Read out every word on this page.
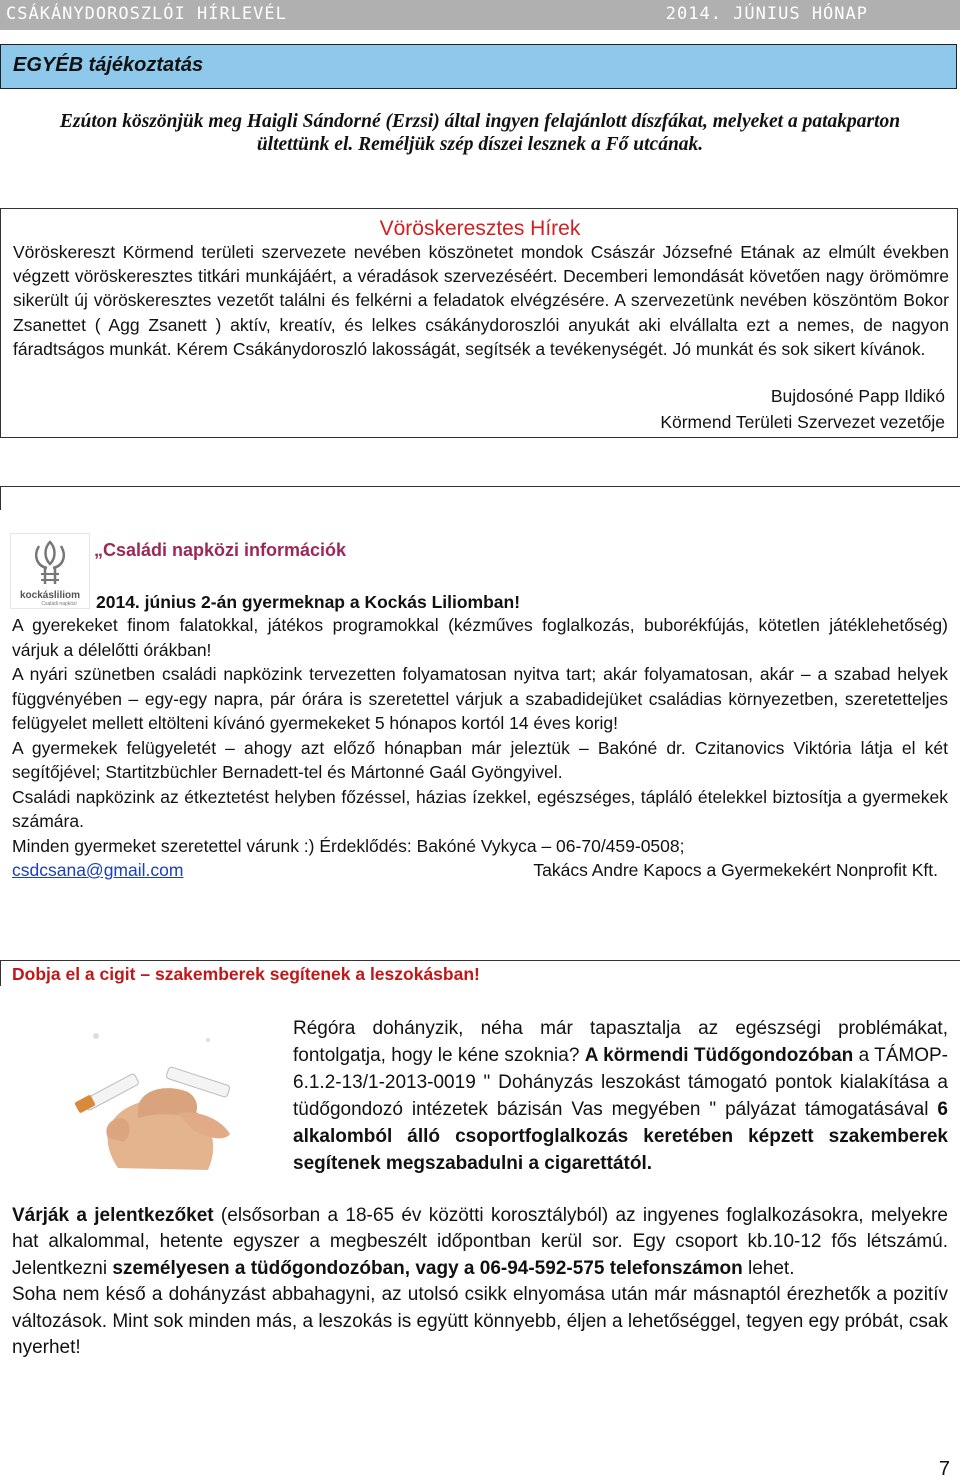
CSÁKÁNYDOROSZLÓI HÍRLEVÉL	2014. JÚNIUS HÓNAP
EGYÉB tájékoztatás
Ezúton köszönjük meg Haigli Sándorné (Erzsi) által ingyen felajánlott díszfákat, melyeket a patakparton ültettünk el. Reméljük szép díszei lesznek a Fő utcának.
Vöröskeresztes Hírek
Vöröskereszt Körmend területi szervezete nevében köszönetet mondok Császár Józsefné Etának az elmúlt években végzett vöröskeresztes titkári munkájáért, a véradások szervezéséért. Decemberi lemondását követően nagy örömömre sikerült új vöröskeresztes vezetőt találni és felkérni a feladatok elvégzésére. A szervezetünk nevében köszöntöm Bokor Zsanettet ( Agg Zsanett ) aktív, kreatív, és lelkes csákánydoroszlói anyukát aki elvállalta ezt a nemes, de nagyon fáradtságos munkát. Kérem Csákánydoroszló lakosságát, segítsék a tevékenységét. Jó munkát és sok sikert kívánok.
Bujdosóné Papp Ildikó
Körmend Területi Szervezet vezetője
kockásliliom
Családi napközi
„Családi napközi információk
2014. június 2-án gyermeknap a Kockás Liliomban!

A gyerekeket finom falatokkal, játékos programokkal (kézműves foglalkozás, buborékfújás, kötetlen játéklehetőség) várjuk a délelőtti órákban!

A nyári szünetben családi napközink tervezetten folyamatosan nyitva tart; akár folyamatosan, akár – a szabad helyek függvényében – egy-egy napra, pár órára is szeretettel várjuk a szabadidejüket családias környezetben, szeretetteljes felügyelet mellett eltölteni kívánó gyermekeket 5 hónapos kortól 14 éves korig!

A gyermekek felügyeletét – ahogy azt előző hónapban már jeleztük – Bakóné dr. Czitanovics Viktória látja el két segítőjével; Startitzbüchler Bernadett-tel és Mártonné Gaál Gyöngyivel.

Családi napközink az étkeztetést helyben főzéssel, házias ízekkel, egészséges, tápláló ételekkel biztosítja a gyermekek számára.

Minden gyermeket szeretettel várunk :) Érdeklődés: Bakóné Vykyca – 06-70/459-0508;

csdcsana@gmail.com	Takács Andre Kapocs a Gyermekekért Nonprofit Kft.

Dobja el a cigit – szakemberek segítenek a leszokásban!
Régóra dohányzik, néha már tapasztalja az egészségi problémákat, fontolgatja, hogy le kéne szoknia? A körmendi Tüdőgondozóban a TÁMOP-6.1.2-13/1-2013-0019 " Dohányzás leszokást támogató pontok kialakítása a tüdőgondozó intézetek bázisán Vas megyében " pályázat támogatásával 6 alkalomból álló csoportfoglalkozás keretében képzett szakemberek segítenek megszabadulni a cigarettától.

Várják a jelentkezőket (elsősorban a 18-65 év közötti korosztályból) az ingyenes foglalkozásokra, melyekre hat alkalommal, hetente egyszer a megbeszélt időpontban kerül sor. Egy csoport kb.10-12 fős létszámú. Jelentkezni személyesen a tüdőgondozóban, vagy a 06-94-592-575 telefonszámon lehet.

Soha nem késő a dohányzást abbahagyni, az utolsó csikk elnyomása után már másnaptól érezhetők a pozitív változások. Mint sok minden más, a leszokás is együtt könnyebb, éljen a lehetőséggel, tegyen egy próbát, csak nyerhet!

7
